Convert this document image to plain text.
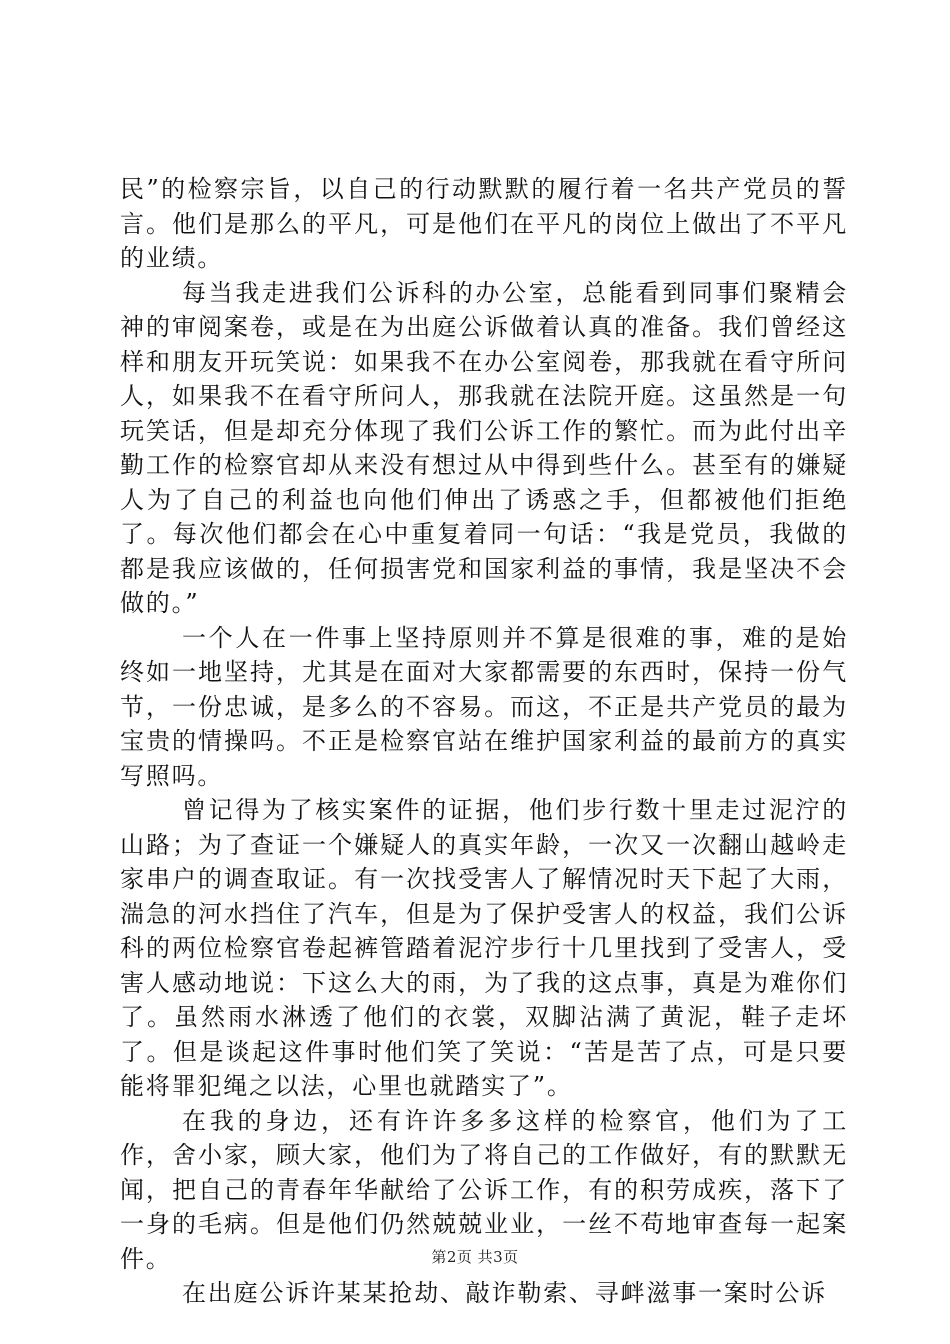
民”的检察宗旨，以自己的行动默默的履行着一名共产党员的誓言。他们是那么的平凡，可是他们在平凡的岗位上做出了不平凡的业绩。

每当我走进我们公诉科的办公室，总能看到同事们聚精会神的审阅案卷，或是在为出庭公诉做着认真的准备。我们曾经这样和朋友开玩笑说：如果我不在办公室阅卷，那我就在看守所问人，如果我不在看守所问人，那我就在法院开庭。这虽然是一句玩笑话，但是却充分体现了我们公诉工作的繁忙。而为此付出辛勤工作的检察官却从来没有想过从中得到些什么。甚至有的嫌疑人为了自己的利益也向他们伸出了诱惑之手，但都被他们拒绝了。每次他们都会在心中重复着同一句话：“我是党员，我做的都是我应该做的，任何损害党和国家利益的事情，我是坚决不会做的。”

一个人在一件事上坚持原则并不算是很难的事，难的是始终如一地坚持，尤其是在面对大家都需要的东西时，保持一份气节，一份忠诚，是多么的不容易。而这，不正是共产党员的最为宝贵的情操吗。不正是检察官站在维护国家利益的最前方的真实写照吗。

曾记得为了核实案件的证据，他们步行数十里走过泥泞的山路；为了查证一个嫌疑人的真实年龄，一次又一次翻山越岭走家串户的调查取证。有一次找受害人了解情况时天下起了大雨，湍急的河水挡住了汽车，但是为了保护受害人的权益，我们公诉科的两位检察官卷起裤管踏着泥泞步行十几里找到了受害人，受害人感动地说：下这么大的雨，为了我的这点事，真是为难你们了。虽然雨水淋透了他们的衣裳，双脚沾满了黄泥，鞋子走坏了。但是谈起这件事时他们笑了笑说：“苦是苦了点，可是只要能将罪犯绳之以法，心里也就踏实了”。

在我的身边，还有许许多多这样的检察官，他们为了工作，舍小家，顾大家，他们为了将自己的工作做好，有的默默无闻，把自己的青春年华献给了公诉工作，有的积劳成疾，落下了一身的毛病。但是他们仍然兢兢业业，一丝不苟地审查每一起案件。

在出庭公诉许某某抢劫、敲诈勒索、寻衅滋事一案时公诉

第2页 共3页
